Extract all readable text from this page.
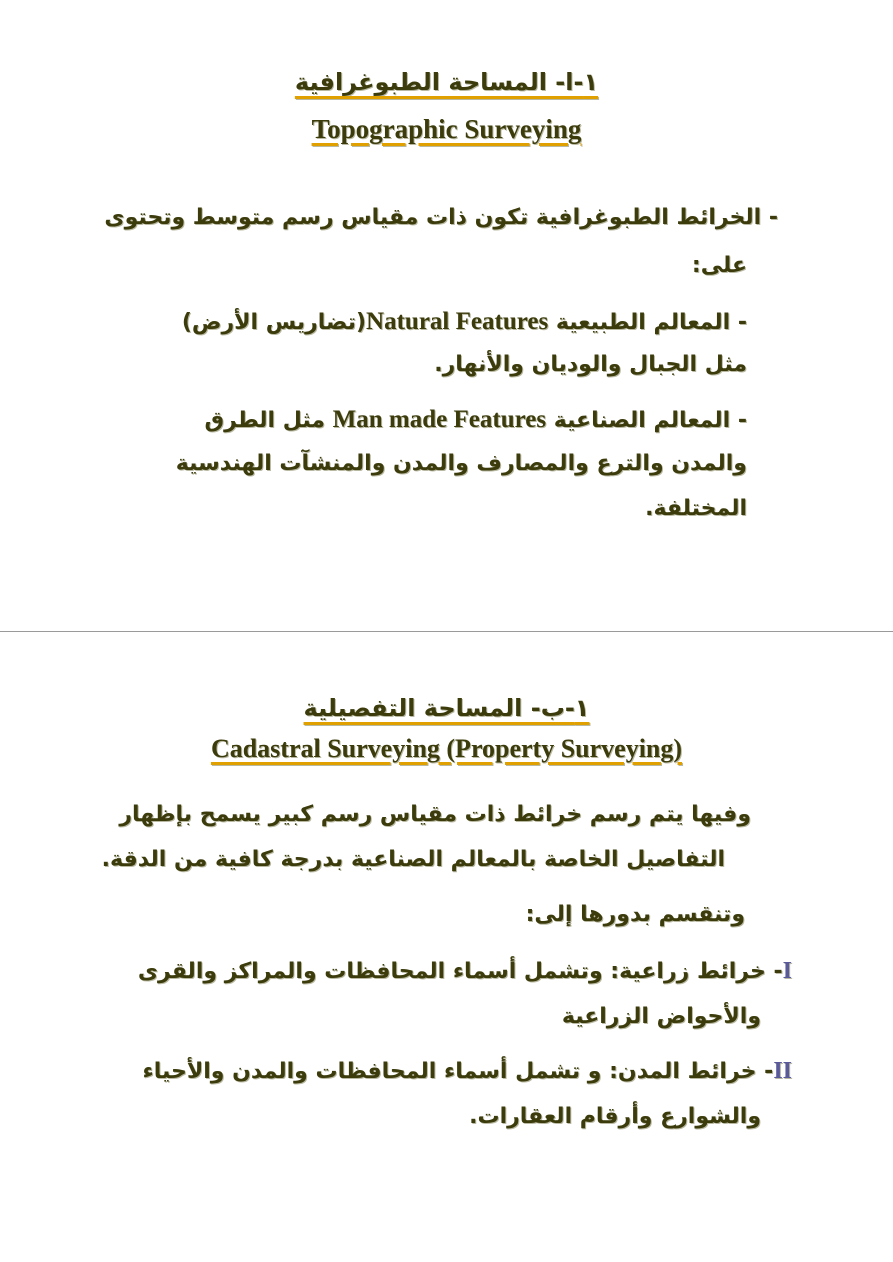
١-ا- المساحة الطبوغرافية
Topographic Surveying
- الخرائط الطبوغرافية تكون ذات مقياس رسم متوسط وتحتوى
على:
- المعالم الطبيعية Natural Features(تضاريس الأرض)
مثل الجبال والوديان والأنهار.
- المعالم الصناعية Man made Features مثل الطرق
والمدن والترع والمصارف والمدن والمنشآت الهندسية
المختلفة.
١-ب- المساحة التفصيلية
Cadastral Surveying (Property Surveying)
وفيها يتم رسم خرائط ذات مقياس رسم كبير يسمح بإظهار
التفاصيل الخاصة بالمعالم الصناعية بدرجة كافية من الدقة.
وتنقسم بدورها إلى:
I- خرائط زراعية: وتشمل أسماء المحافظات والمراكز والقرى
والأحواض الزراعية
II- خرائط المدن: و تشمل أسماء المحافظات والمدن والأحياء
والشوارع وأرقام العقارات.
